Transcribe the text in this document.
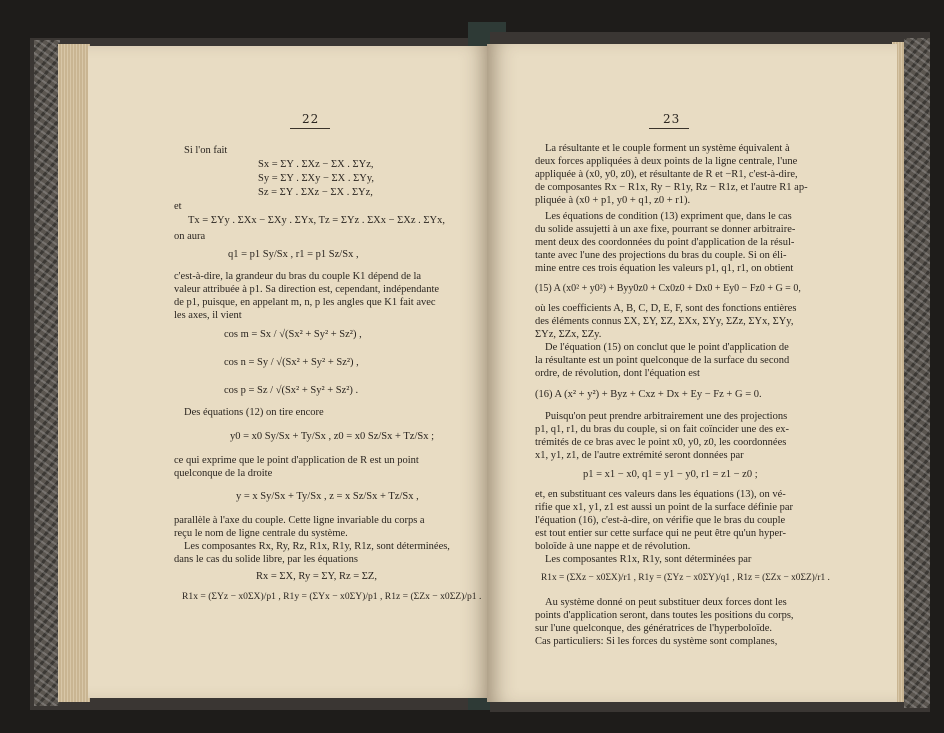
22
Si l'on fait
Sx = ΣY . ΣXz − ΣX . ΣYz,
Sy = ΣY . ΣXy − ΣX . ΣYy,
Sz = ΣY . ΣXz − ΣX . ΣYz,
et
Tx = ΣYy . ΣXx − ΣXy . ΣYx, Tz = ΣYz . ΣXx − ΣXz . ΣYx,
on aura
q1 = p1 Sy/Sx , r1 = p1 Sz/Sx ,
c'est-à-dire, la grandeur du bras du couple K1 dépend de la
valeur attribuée à p1. Sa direction est, cependant, indépendante
de p1, puisque, en appelant m, n, p les angles que K1 fait avec
les axes, il vient
cos m = Sx / √(Sx² + Sy² + Sz²) ,
cos n = Sy / √(Sx² + Sy² + Sz²) ,
cos p = Sz / √(Sx² + Sy² + Sz²) .
Des équations (12) on tire encore
y0 = x0 Sy/Sx + Ty/Sx , z0 = x0 Sz/Sx + Tz/Sx ;
ce qui exprime que le point d'application de R est un point
quelconque de la droite
y = x Sy/Sx + Ty/Sx , z = x Sz/Sx + Tz/Sx ,
parallèle à l'axe du couple. Cette ligne invariable du corps a
reçu le nom de ligne centrale du système.
Les composantes Rx, Ry, Rz, R1x, R1y, R1z, sont déterminées,
dans le cas du solide libre, par les équations
Rx = ΣX, Ry = ΣY, Rz = ΣZ,
R1x = (ΣYz − x0ΣX)/p1 , R1y = (ΣYx − x0ΣY)/p1 , R1z = (ΣZx − x0ΣZ)/p1 .
23
La résultante et le couple forment un système équivalent à
deux forces appliquées à deux points de la ligne centrale, l'une
appliquée à (x0, y0, z0), et résultante de R et −R1, c'est-à-dire,
de composantes Rx − R1x, Ry − R1y, Rz − R1z, et l'autre R1 ap-
pliquée à (x0 + p1, y0 + q1, z0 + r1).
Les équations de condition (13) expriment que, dans le cas
du solide assujetti à un axe fixe, pourrant se donner arbitraire-
ment deux des coordonnées du point d'application de la résul-
tante avec l'une des projections du bras du couple. Si on éli-
mine entre ces trois équation les valeurs p1, q1, r1, on obtient
(15) A (x0² + y0²) + Byy0z0 + Cx0z0 + Dx0 + Ey0 − Fz0 + G = 0,
où les coefficients A, B, C, D, E, F, sont des fonctions entières
des éléments connus ΣX, ΣY, ΣZ, ΣXx, ΣYy, ΣZz, ΣYx, ΣYy,
ΣYz, ΣZx, ΣZy.
De l'équation (15) on conclut que le point d'application de
la résultante est un point quelconque de la surface du second
ordre, de révolution, dont l'équation est
(16) A (x² + y²) + Byz + Cxz + Dx + Ey − Fz + G = 0.
Puisqu'on peut prendre arbitrairement une des projections
p1, q1, r1, du bras du couple, si on fait coïncider une des ex-
trémités de ce bras avec le point x0, y0, z0, les coordonnées
x1, y1, z1, de l'autre extrémité seront données par
p1 = x1 − x0, q1 = y1 − y0, r1 = z1 − z0 ;
et, en substituant ces valeurs dans les équations (13), on vé-
rifie que x1, y1, z1 est aussi un point de la surface définie par
l'équation (16), c'est-à-dire, on vérifie que le bras du couple
est tout entier sur cette surface qui ne peut être qu'un hyper-
boloïde à une nappe et de révolution.
Les composantes R1x, R1y, sont déterminées par
R1x = (ΣXz − x0ΣX)/r1 , R1y = (ΣYz − x0ΣY)/q1 , R1z = (ΣZx − x0ΣZ)/r1 .
Au système donné on peut substituer deux forces dont les
points d'application seront, dans toutes les positions du corps,
sur l'une quelconque, des génératrices de l'hyperboloïde.
Cas particuliers: Si les forces du système sont complanes,
